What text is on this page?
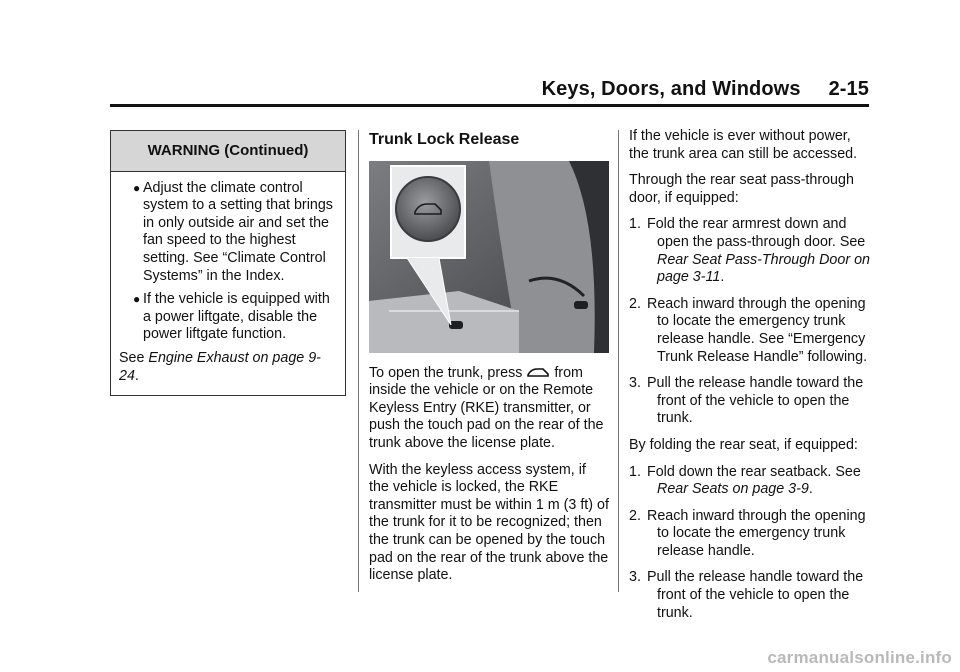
Keys, Doors, and Windows 2-15
WARNING (Continued)
● Adjust the climate control system to a setting that brings in only outside air and set the fan speed to the highest setting. See “Climate Control Systems” in the Index.
● If the vehicle is equipped with a power liftgate, disable the power liftgate function.
See Engine Exhaust on page 9-24.
Trunk Lock Release

To open the trunk, press  from inside the vehicle or on the Remote Keyless Entry (RKE) transmitter, or push the touch pad on the rear of the trunk above the license plate.

With the keyless access system, if the vehicle is locked, the RKE transmitter must be within 1 m (3 ft) of the trunk for it to be recognized; then the trunk can be opened by the touch pad on the rear of the trunk above the license plate.

If the vehicle is ever without power, the trunk area can still be accessed.

Through the rear seat pass-through door, if equipped:

1. Fold the rear armrest down and open the pass-through door. See Rear Seat Pass-Through Door on page 3-11.
2. Reach inward through the opening to locate the emergency trunk release handle. See “Emergency Trunk Release Handle” following.
3. Pull the release handle toward the front of the vehicle to open the trunk.

By folding the rear seat, if equipped:

1. Fold down the rear seatback. See Rear Seats on page 3-9.
2. Reach inward through the opening to locate the emergency trunk release handle.
3. Pull the release handle toward the front of the vehicle to open the trunk.
carmanualsonline.info
